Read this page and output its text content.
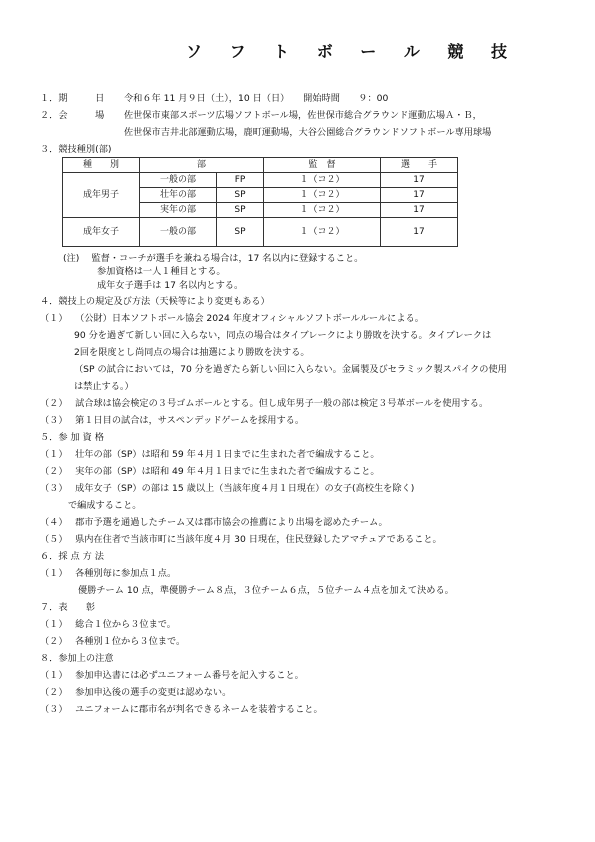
ソ フ ト ボ ー ル 競 技
１．期　　　日 令和６年 11 月９日（土），10 日（日）　　開始時間　　９：00
２．会　　　場 佐世保市東部スポーツ広場ソフトボール場，佐世保市総合グラウンド運動広場Ａ・Ｂ，
佐世保市吉井北部運動広場，鹿町運動場，大谷公園総合グラウンドソフトボール専用球場
３．競技種別(部)
種　　別	部		監　督	選　　手
成年男子	一般の部	FP	１（コ２）	17
	壮年の部	SP	１（コ２）	17
	実年の部	SP	１（コ２）	17
成年女子	一般の部	SP	１（コ２）	17
(注)　 監督・コーチが選手を兼ねる場合は，17 名以内に登録すること。
参加資格は一人１種目とする。
成年女子選手は 17 名以内とする。
４．競技上の規定及び方法（天候等により変更もある）
（１）　 （公財）日本ソフトボール協会 2024 年度オフィシャルソフトボールルールによる。
90 分を過ぎて新しい回に入らない，同点の場合はタイブレークにより勝敗を決する。タイブレークは
2回を限度とし尚同点の場合は抽選により勝敗を決する。
（SP の試合においては，70 分を過ぎたら新しい回に入らない。金属製及びセラミック製スパイクの使用
は禁止する。）
（２）　 試合球は協会検定の３号ゴムボールとする。但し成年男子一般の部は検定３号革ボールを使用する。
（３）　 第１日目の試合は，サスペンデッドゲームを採用する。
５．参 加 資 格
（１）　 壮年の部（SP）は昭和 59 年４月１日までに生まれた者で編成すること。
（２）　 実年の部（SP）は昭和 49 年４月１日までに生まれた者で編成すること。
（３）　 成年女子（SP）の部は 15 歳以上（当該年度４月１日現在）の女子(高校生を除く)
で編成すること。
（４）　 郡市予選を通過したチーム又は郡市協会の推薦により出場を認めたチーム。
（５）　 県内在住者で当該市町に当該年度４月 30 日現在，住民登録したアマチュアであること。
６．採 点 方 法
（１）　 各種別毎に参加点１点。
優勝チーム 10 点，準優勝チーム８点，３位チーム６点，５位チーム４点を加えて決める。
７．表　　彰
（１）　 総合１位から３位まで。
（２）　 各種別１位から３位まで。
８．参加上の注意
（１）　 参加申込書には必ずユニフォーム番号を記入すること。
（２）　 参加申込後の選手の変更は認めない。
（３）　 ユニフォームに郡市名が判名できるネームを装着すること。
